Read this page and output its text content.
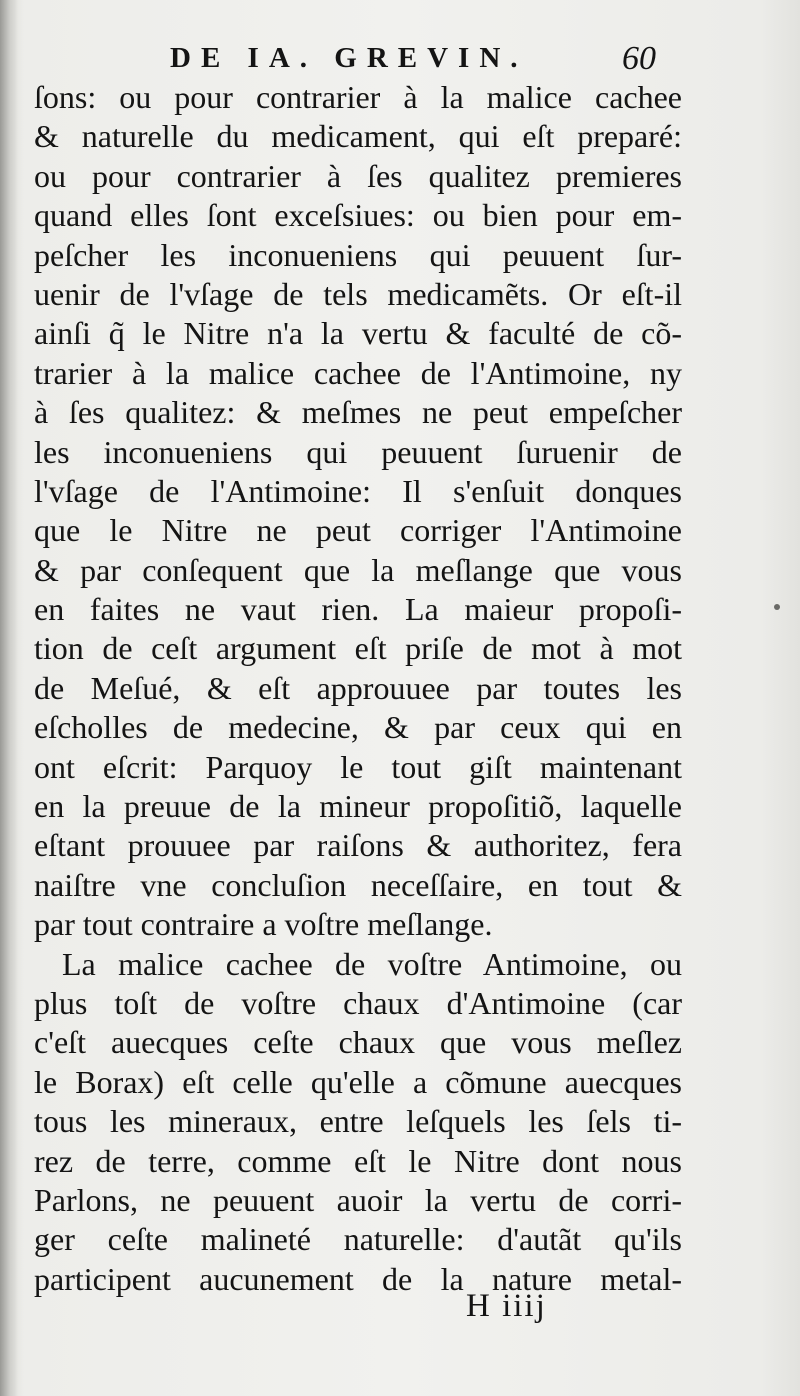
DE IA. GREVIN.	60
ſons: ou pour contrarier à la malice cachee
& naturelle du medicament, qui eſt preparé:
ou pour contrarier à ſes qualitez premieres
quand elles ſont exceſsiues: ou bien pour em-
peſcher les inconueniens qui peuuent ſur-
uenir de l'vſage de tels medicamẽts. Or eſt-il
ainſi q̃ le Nitre n'a la vertu & faculté de cõ-
trarier à la malice cachee de l'Antimoine, ny
à ſes qualitez: & meſmes ne peut empeſcher
les inconueniens qui peuuent ſuruenir de
l'vſage de l'Antimoine: Il s'enſuit donques
que le Nitre ne peut corriger l'Antimoine
& par conſequent que la meſlange que vous
en faites ne vaut rien. La maieur propoſi-
tion de ceſt argument eſt priſe de mot à mot
de Meſué, & eſt approuuee par toutes les
eſcholles de medecine, & par ceux qui en
ont eſcrit: Parquoy le tout giſt maintenant
en la preuue de la mineur propoſitiõ, laquelle
eſtant prouuee par raiſons & authoritez, fera
naiſtre vne concluſion neceſſaire, en tout &
par tout contraire a voſtre meſlange.
La malice cachee de voſtre Antimoine, ou
plus toſt de voſtre chaux d'Antimoine (car
c'eſt auecques ceſte chaux que vous meſlez
le Borax) eſt celle qu'elle a cõmune auecques
tous les mineraux, entre leſquels les ſels ti-
rez de terre, comme eſt le Nitre dont nous
Parlons, ne peuuent auoir la vertu de corri-
ger ceſte malineté naturelle: d'autãt qu'ils
participent aucunement de la nature metal-
H iiij
